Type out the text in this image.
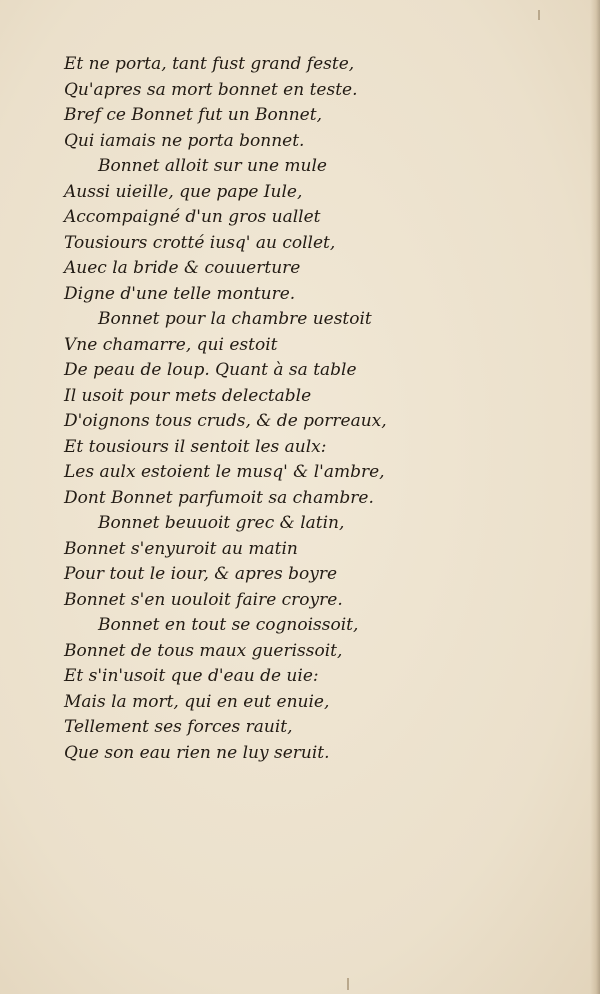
Et ne porta, tant fust grand feste,
Qu'apres sa mort bonnet en teste.
Bref ce Bonnet fut un Bonnet,
Qui iamais ne porta bonnet.
Bonnet alloit sur une mule
Aussi uieille, que pape Iule,
Accompaigné d'un gros uallet
Tousiours crotté iusq' au collet,
Auec la bride & couuerture
Digne d'une telle monture.
Bonnet pour la chambre uestoit
Vne chamarre, qui estoit
De peau de loup. Quant à sa table
Il usoit pour mets delectable
D'oignons tous cruds, & de porreaux,
Et tousiours il sentoit les aulx:
Les aulx estoient le musq' & l'ambre,
Dont Bonnet parfumoit sa chambre.
Bonnet beuuoit grec & latin,
Bonnet s'enyuroit au matin
Pour tout le iour, & apres boyre
Bonnet s'en uouloit faire croyre.
Bonnet en tout se cognoissoit,
Bonnet de tous maux guerissoit,
Et s'in'usoit que d'eau de uie:
Mais la mort, qui en eut enuie,
Tellement ses forces rauit,
Que son eau rien ne luy seruit.
